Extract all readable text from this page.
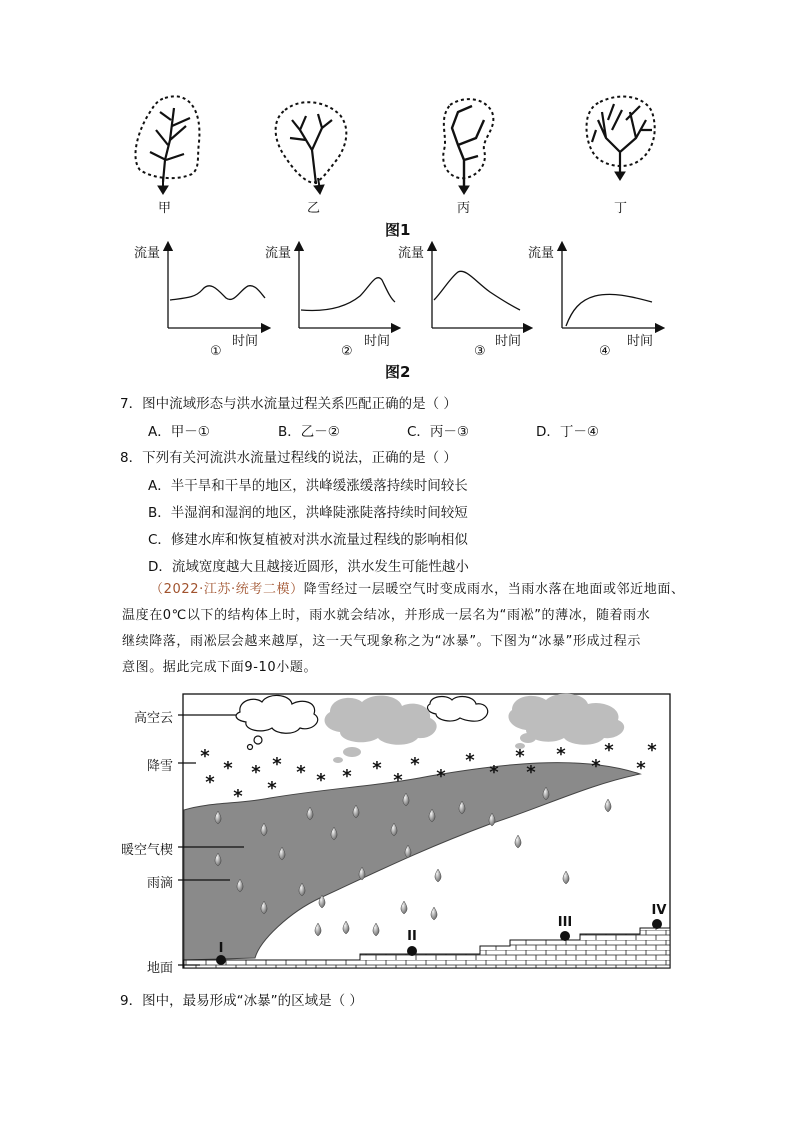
甲	乙	丙	丁
图1
流量	流量	流量	流量
时间	时间	时间	时间
①	②	③	④
图2
7．图中流域形态与洪水流量过程关系匹配正确的是（ ）
A．甲－①	B．乙－②	C．丙－③	D．丁－④
8．下列有关河流洪水流量过程线的说法，正确的是（ ）
A．半干旱和干旱的地区，洪峰缓涨缓落持续时间较长
B．半湿润和湿润的地区，洪峰陡涨陡落持续时间较短
C．修建水库和恢复植被对洪水流量过程线的影响相似
D．流域宽度越大且越接近圆形，洪水发生可能性越小
（2022·江苏·统考二模）降雪经过一层暖空气时变成雨水，当雨水落在地面或邻近地面、
温度在0℃以下的结构体上时，雨水就会结冰，并形成一层名为“雨凇”的薄冰，随着雨水
继续降落，雨凇层会越来越厚，这一天气现象称之为“冰暴”。下图为“冰暴”形成过程示
意图。据此完成下面9-10小题。
*
*
*
*
* *
*
* * * *
*
*
*
*
*
*
*
*
*
*
*
*
I
II
III
IV
高空云
降雪
暖空气楔
雨滴
地面
9．图中，最易形成“冰暴”的区域是（ ）
